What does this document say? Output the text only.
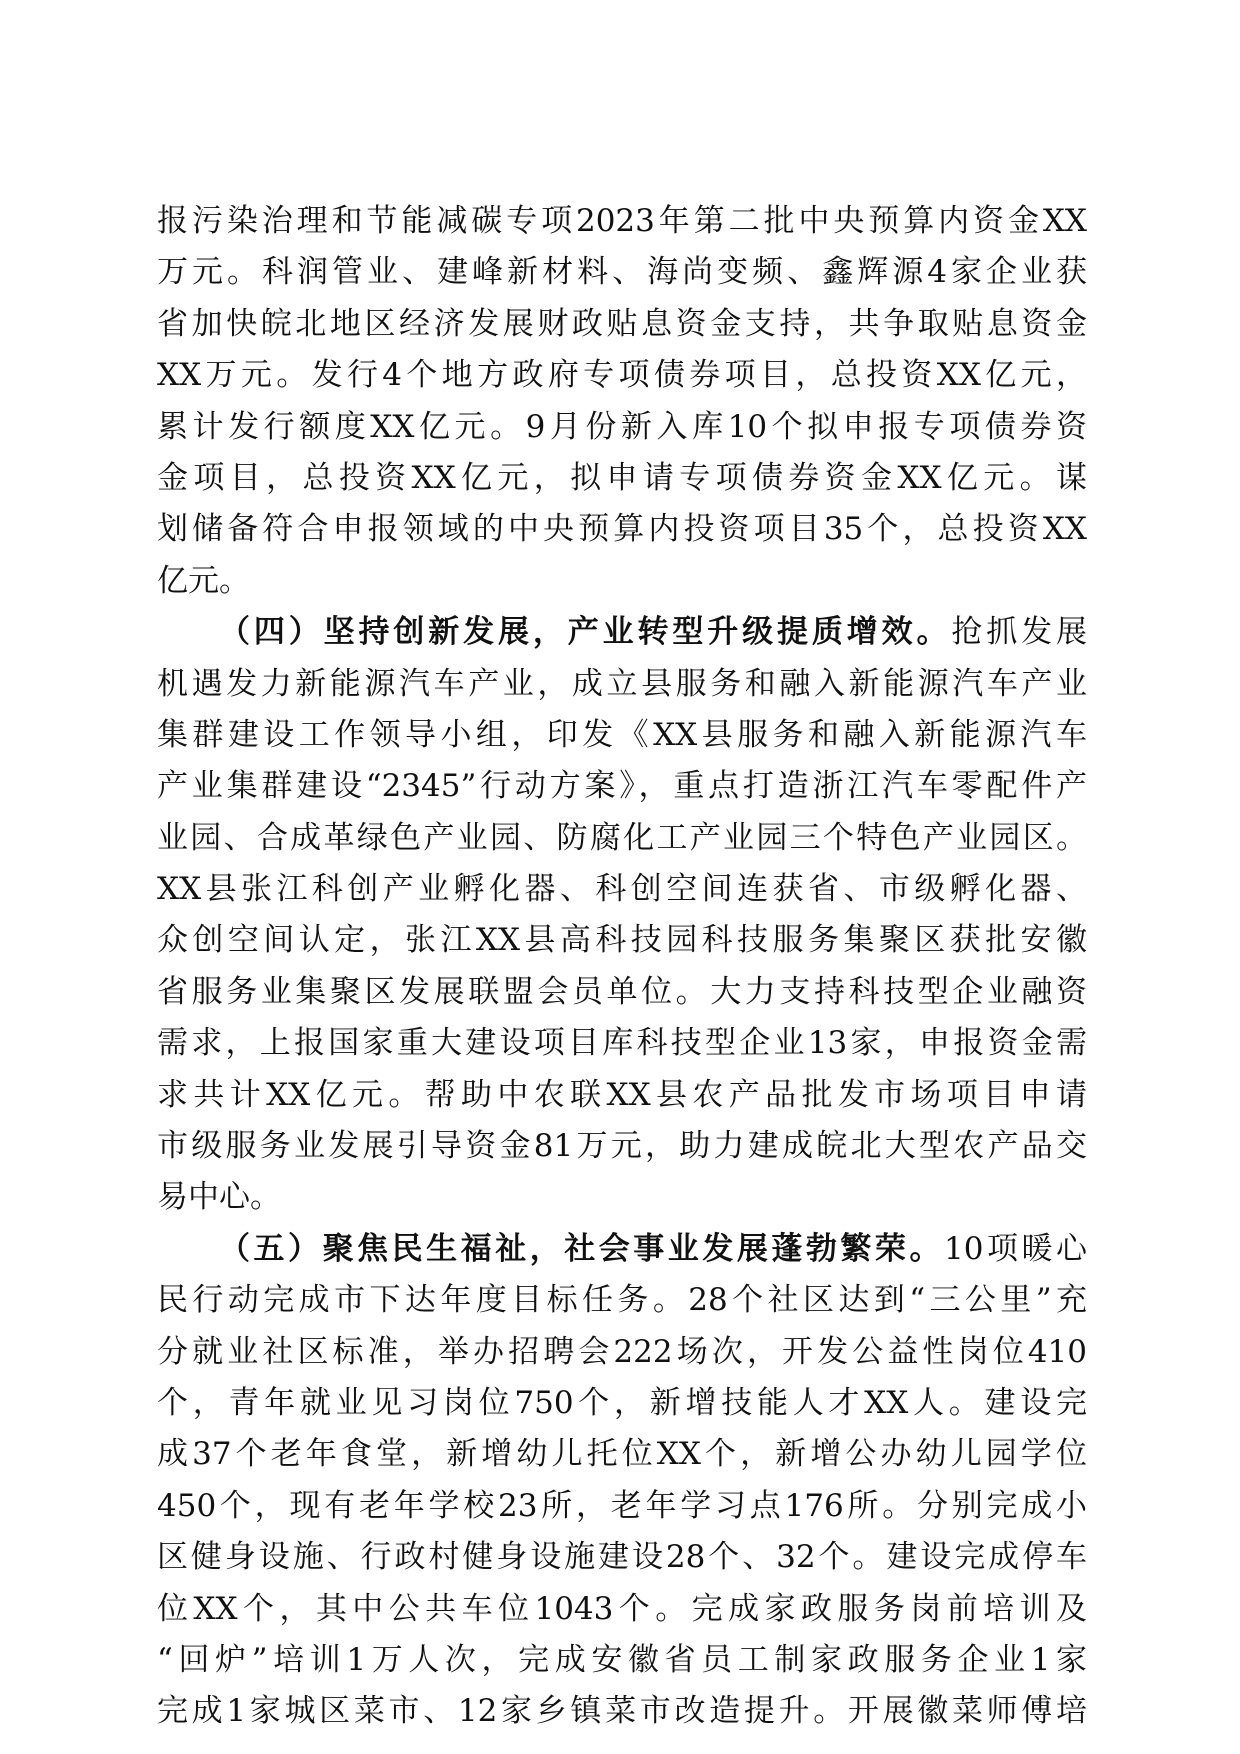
报污染治理和节能减碳专项2023年第二批中央预算内资金XX
万元。科润管业、建峰新材料、海尚变频、鑫辉源4家企业获
省加快皖北地区经济发展财政贴息资金支持，共争取贴息资金
XX万元。发行4个地方政府专项债券项目，总投资XX亿元，
累计发行额度XX亿元。9月份新入库10个拟申报专项债券资
金项目，总投资XX亿元，拟申请专项债券资金XX亿元。谋
划储备符合申报领域的中央预算内投资项目35个，总投资XX
亿元。
（四）坚持创新发展，产业转型升级提质增效。抢抓发展
机遇发力新能源汽车产业，成立县服务和融入新能源汽车产业
集群建设工作领导小组，印发《XX县服务和融入新能源汽车
产业集群建设“2345”行动方案》，重点打造浙江汽车零配件产
业园、合成革绿色产业园、防腐化工产业园三个特色产业园区。
XX县张江科创产业孵化器、科创空间连获省、市级孵化器、
众创空间认定，张江XX县高科技园科技服务集聚区获批安徽
省服务业集聚区发展联盟会员单位。大力支持科技型企业融资
需求，上报国家重大建设项目库科技型企业13家，申报资金需
求共计XX亿元。帮助中农联XX县农产品批发市场项目申请
市级服务业发展引导资金81万元，助力建成皖北大型农产品交
易中心。
（五）聚焦民生福祉，社会事业发展蓬勃繁荣。10项暖心
民行动完成市下达年度目标任务。28个社区达到“三公里”充
分就业社区标准，举办招聘会222场次，开发公益性岗位410
个，青年就业见习岗位750个，新增技能人才XX人。建设完
成37个老年食堂，新增幼儿托位XX个，新增公办幼儿园学位
450个，现有老年学校23所，老年学习点176所。分别完成小
区健身设施、行政村健身设施建设28个、32个。建设完成停车
位XX个，其中公共车位1043个。完成家政服务岗前培训及
“回炉”培训1万人次，完成安徽省员工制家政服务企业1家
完成1家城区菜市、12家乡镇菜市改造提升。开展徽菜师傅培
